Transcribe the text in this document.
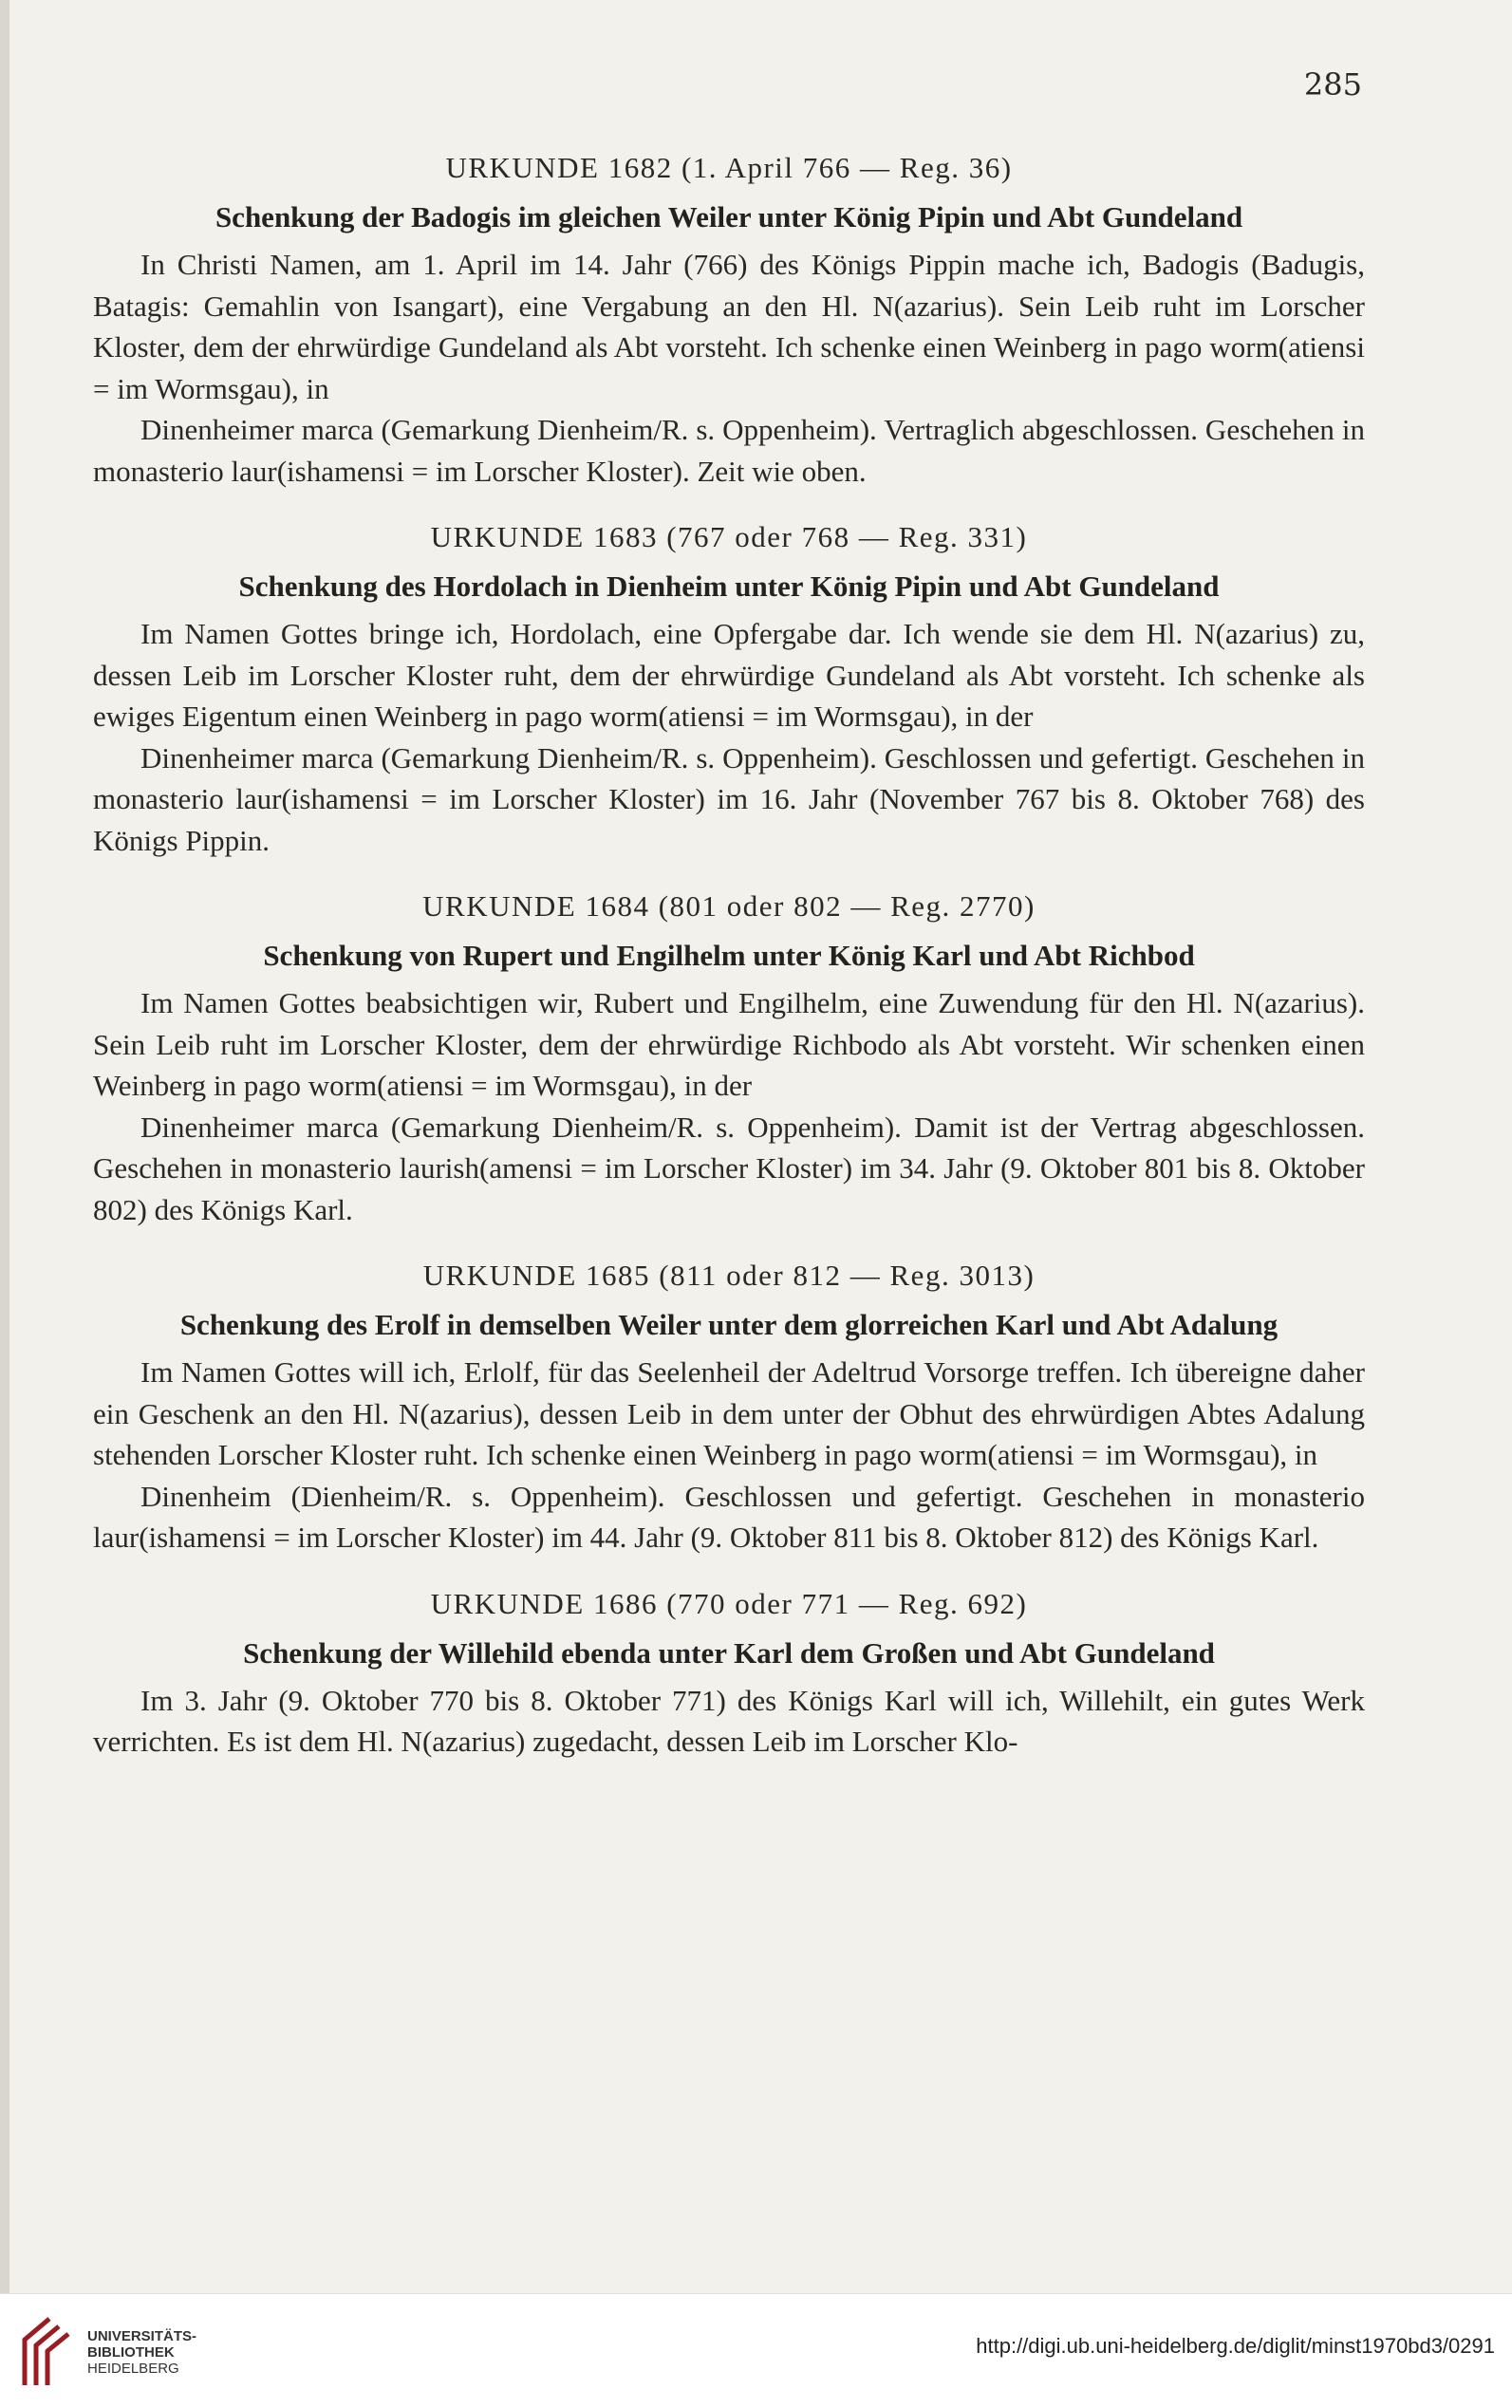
285

URKUNDE 1682 (1. April 766 — Reg. 36)

Schenkung der Badogis im gleichen Weiler unter König Pipin und Abt Gundeland

In Christi Namen, am 1. April im 14. Jahr (766) des Königs Pippin mache ich, Badogis (Badugis, Batagis: Gemahlin von Isangart), eine Vergabung an den Hl. N(azarius). Sein Leib ruht im Lorscher Kloster, dem der ehrwürdige Gundeland als Abt vorsteht. Ich schenke einen Weinberg in pago worm(atiensi = im Wormsgau), in

Dinenheimer marca (Gemarkung Dienheim/R. s. Oppenheim). Vertraglich abgeschlossen. Geschehen in monasterio laur(ishamensi = im Lorscher Kloster). Zeit wie oben.

URKUNDE 1683 (767 oder 768 — Reg. 331)

Schenkung des Hordolach in Dienheim unter König Pipin und Abt Gundeland

Im Namen Gottes bringe ich, Hordolach, eine Opfergabe dar. Ich wende sie dem Hl. N(azarius) zu, dessen Leib im Lorscher Kloster ruht, dem der ehrwürdige Gundeland als Abt vorsteht. Ich schenke als ewiges Eigentum einen Weinberg in pago worm(atiensi = im Wormsgau), in der

Dinenheimer marca (Gemarkung Dienheim/R. s. Oppenheim). Geschlossen und gefertigt. Geschehen in monasterio laur(ishamensi = im Lorscher Kloster) im 16. Jahr (November 767 bis 8. Oktober 768) des Königs Pippin.

URKUNDE 1684 (801 oder 802 — Reg. 2770)

Schenkung von Rupert und Engilhelm unter König Karl und Abt Richbod

Im Namen Gottes beabsichtigen wir, Rubert und Engilhelm, eine Zuwendung für den Hl. N(azarius). Sein Leib ruht im Lorscher Kloster, dem der ehrwürdige Richbodo als Abt vorsteht. Wir schenken einen Weinberg in pago worm(atiensi = im Wormsgau), in der

Dinenheimer marca (Gemarkung Dienheim/R. s. Oppenheim). Damit ist der Vertrag abgeschlossen. Geschehen in monasterio laurish(amensi = im Lorscher Kloster) im 34. Jahr (9. Oktober 801 bis 8. Oktober 802) des Königs Karl.

URKUNDE 1685 (811 oder 812 — Reg. 3013)

Schenkung des Erolf in demselben Weiler unter dem glorreichen Karl und Abt Adalung

Im Namen Gottes will ich, Erlolf, für das Seelenheil der Adeltrud Vorsorge treffen. Ich übereigne daher ein Geschenk an den Hl. N(azarius), dessen Leib in dem unter der Obhut des ehrwürdigen Abtes Adalung stehenden Lorscher Kloster ruht. Ich schenke einen Weinberg in pago worm(atiensi = im Wormsgau), in

Dinenheim (Dienheim/R. s. Oppenheim). Geschlossen und gefertigt. Geschehen in monasterio laur(ishamensi = im Lorscher Kloster) im 44. Jahr (9. Oktober 811 bis 8. Oktober 812) des Königs Karl.

URKUNDE 1686 (770 oder 771 — Reg. 692)

Schenkung der Willehild ebenda unter Karl dem Großen und Abt Gundeland

Im 3. Jahr (9. Oktober 770 bis 8. Oktober 771) des Königs Karl will ich, Willehilt, ein gutes Werk verrichten. Es ist dem Hl. N(azarius) zugedacht, dessen Leib im Lorscher Klo-

UNIVERSITÄTS-
BIBLIOTHEK
HEIDELBERG
http://digi.ub.uni-heidelberg.de/diglit/minst1970bd3/0291
